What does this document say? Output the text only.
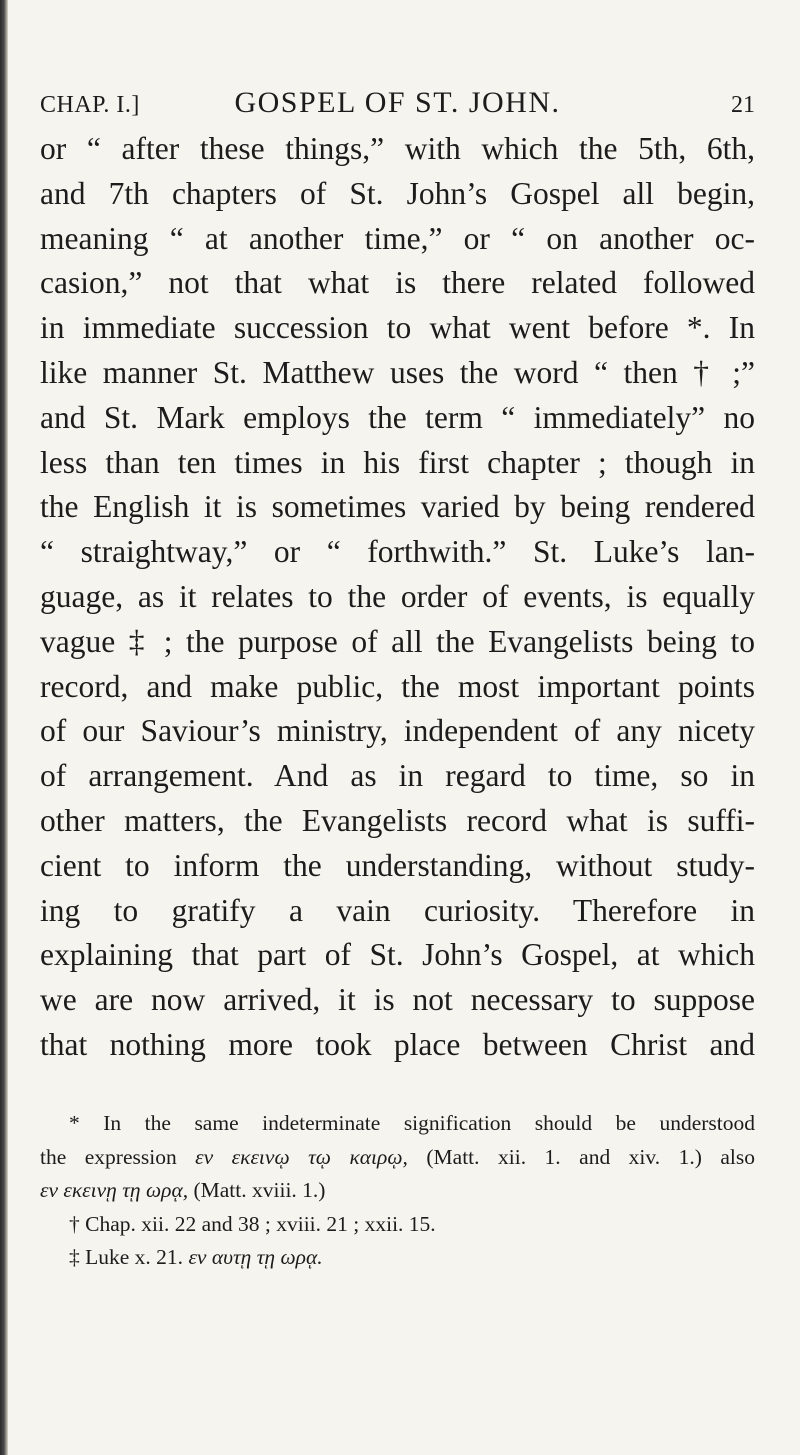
CHAP. I.]	GOSPEL OF ST. JOHN.	21
or “ after these things,” with which the 5th, 6th,
and 7th chapters of St. John’s Gospel all begin,
meaning “ at another time,” or “ on another oc-
casion,” not that what is there related followed
in immediate succession to what went before *. In
like manner St. Matthew uses the word “ then † ;”
and St. Mark employs the term “ immediately” no
less than ten times in his first chapter ; though in
the English it is sometimes varied by being rendered
“ straightway,” or “ forthwith.” St. Luke’s lan-
guage, as it relates to the order of events, is equally
vague ‡ ; the purpose of all the Evangelists being to
record, and make public, the most important points
of our Saviour’s ministry, independent of any nicety
of arrangement. And as in regard to time, so in
other matters, the Evangelists record what is suffi-
cient to inform the understanding, without study-
ing to gratify a vain curiosity. Therefore in
explaining that part of St. John’s Gospel, at which
we are now arrived, it is not necessary to suppose
that nothing more took place between Christ and
* In the same indeterminate signification should be understood
the expression εν εκεινῳ τῳ καιρῳ, (Matt. xii. 1. and xiv. 1.) also
εν εκεινῃ τῃ ωρᾳ, (Matt. xviii. 1.)
† Chap. xii. 22 and 38 ; xviii. 21 ; xxii. 15.
‡ Luke x. 21. εν αυτῃ τῃ ωρᾳ.
